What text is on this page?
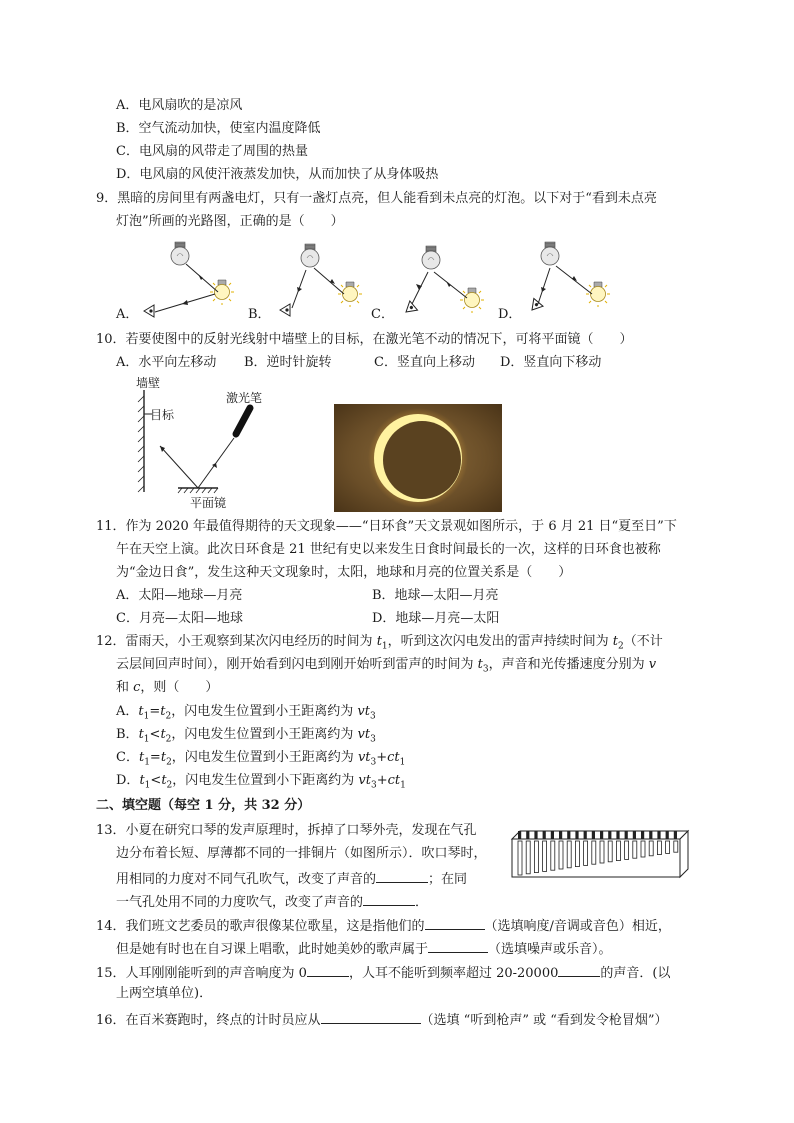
A．电风扇吹的是凉风
B．空气流动加快，使室内温度降低
C．电风扇的风带走了周围的热量
D．电风扇的风使汗液蒸发加快，从而加快了从身体吸热
9．黑暗的房间里有两盏电灯，只有一盏灯点亮，但人能看到未点亮的灯泡。以下对于“看到未点亮
灯泡”所画的光路图，正确的是（　　）
A．	B．	C．	D．
10．若要使图中的反射光线射中墙壁上的目标，在激光笔不动的情况下，可将平面镜（　　）
A．水平向左移动 B．逆时针旋转	C．竖直向上移动 D．竖直向下移动
墙壁
目标
激光笔
平面镜
11．作为 2020 年最值得期待的天文现象——“日环食”天文景观如图所示，于 6 月 21 日“夏至日”下
午在天空上演。此次日环食是 21 世纪有史以来发生日食时间最长的一次，这样的日环食也被称
为“金边日食”，发生这种天文现象时，太阳，地球和月亮的位置关系是（　　）
A．太阳—地球—月亮	B．地球—太阳—月亮
C．月亮—太阳—地球	D．地球—月亮—太阳
12．雷雨天，小王观察到某次闪电经历的时间为 $t_1$，听到这次闪电发出的雷声持续时间为 $t_2$（不计
云层间回声时间），刚开始看到闪电到刚开始听到雷声的时间为 $t_3$，声音和光传播速度分别为 v
和 c，则（　　）
A．$t_1=t_2$，闪电发生位置到小王距离约为 $vt_3$
B．$t_1<t_2$，闪电发生位置到小王距离约为 $vt_3$
C．$t_1=t_2$，闪电发生位置到小王距离约为 $vt_3+ct_1$
D．$t_1<t_2$，闪电发生位置到小下距离约为 $vt_3+ct_1$
二、填空题（每空 1 分，共 32 分）
13．小夏在研究口琴的发声原理时，拆掉了口琴外壳，发现在气孔
边分布着长短、厚薄都不同的一排铜片（如图所示）．吹口琴时，
用相同的力度对不同气孔吹气，改变了声音的	；在同
一气孔处用不同的力度吹气，改变了声音的	．
14．我们班文艺委员的歌声很像某位歌星，这是指他们的	（选填响度/音调或音色）相近，
但是她有时也在自习课上唱歌，此时她美妙的歌声属于	（选填噪声或乐音）。
15．人耳刚刚能听到的声音响度为 0	，人耳不能听到频率超过 20-20000	的声音．(以
上两空填单位)．
16．在百米赛跑时，终点的计时员应从	（选填 “听到枪声” 或 “看到发令枪冒烟”）
